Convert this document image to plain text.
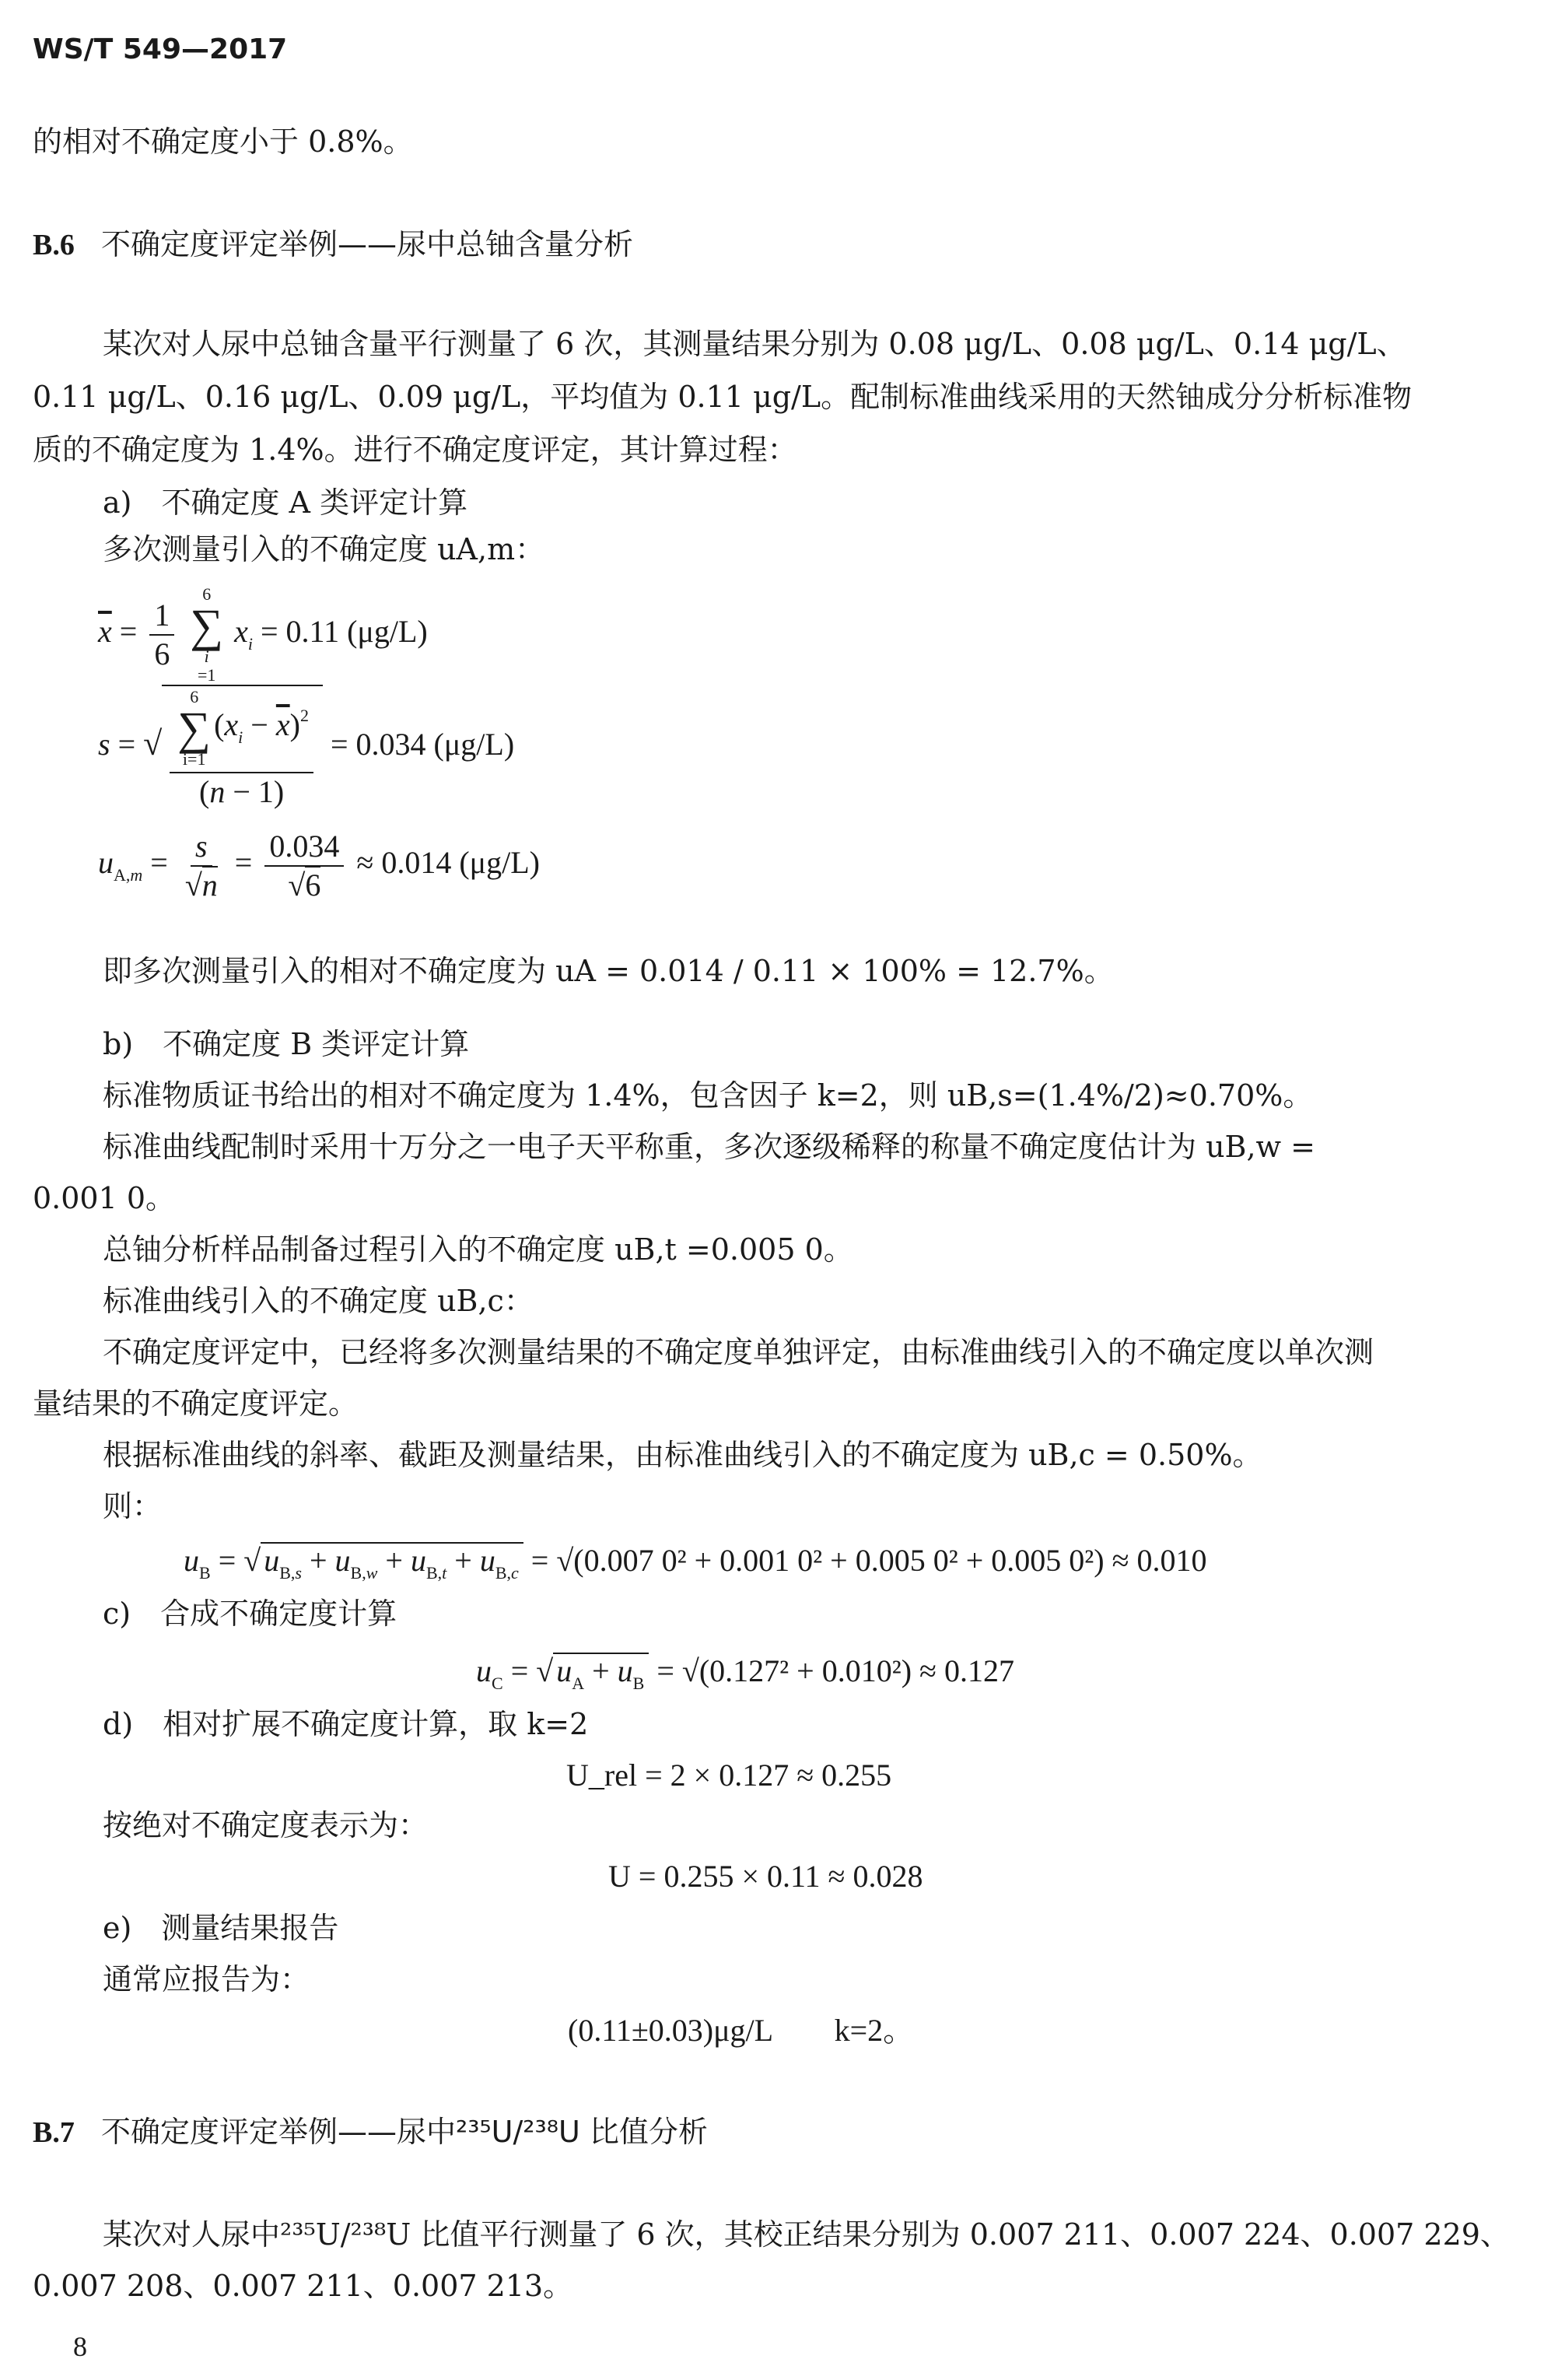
WS/T 549—2017
的相对不确定度小于 0.8%。
B.6 不确定度评定举例——尿中总铀含量分析
某次对人尿中总铀含量平行测量了 6 次，其测量结果分别为 0.08 μg/L、0.08 μg/L、0.14 μg/L、
0.11 μg/L、0.16 μg/L、0.09 μg/L，平均值为 0.11 μg/L。配制标准曲线采用的天然铀成分分析标准物
质的不确定度为 1.4%。进行不确定度评定，其计算过程：
a)　不确定度 A 类评定计算
多次测量引入的不确定度 uA,m：
$\overline{x} = \frac{1}{6}$

6
∑
i
=1
$x_i = 0.11$ (μg/L)
s = √ 6
∑
i=1
$(x_i - \overline{x})^2$
(n − 1) = 0.034 (μg/L)
$u_{A,m} = \frac{s}{√n} = \frac{0.034}{√6} \approx 0.014$ (μg/L)
即多次测量引入的相对不确定度为 uA = 0.014 / 0.11 × 100% = 12.7%。
b)　不确定度 B 类评定计算
标准物质证书给出的相对不确定度为 1.4%，包含因子 k=2，则 uB,s=(1.4%/2)≈0.70%。
标准曲线配制时采用十万分之一电子天平称重，多次逐级稀释的称量不确定度估计为 uB,w =
0.001 0。
总铀分析样品制备过程引入的不确定度 uB,t =0.005 0。
标准曲线引入的不确定度 uB,c：
不确定度评定中，已经将多次测量结果的不确定度单独评定，由标准曲线引入的不确定度以单次测
量结果的不确定度评定。
根据标准曲线的斜率、截距及测量结果，由标准曲线引入的不确定度为 uB,c = 0.50%。
则：
$u_B$ = √ $u_{B,s} + u_{B,w} + u_{B,t} + u_{B,c} = √(0.007$ 0² + 0.001 0² + 0.005 0² + 0.005 0²) ≈ 0.010
c)　合成不确定度计算
$u_C$ = √ $u_A + u_B = √(0.127^2 + 0.010^2) \approx 0.127$
d)　相对扩展不确定度计算，取 k=2
U_rel = 2 × 0.127 ≈ 0.255
按绝对不确定度表示为：
U = 0.255 × 0.11 ≈ 0.028
e)　测量结果报告
通常应报告为：
(0.11±0.03)μg/L　　k=2。
B.7 不确定度评定举例——尿中²³⁵U/²³⁸U 比值分析
某次对人尿中²³⁵U/²³⁸U 比值平行测量了 6 次，其校正结果分别为 0.007 211、0.007 224、0.007 229、
0.007 208、0.007 211、0.007 213。
8
